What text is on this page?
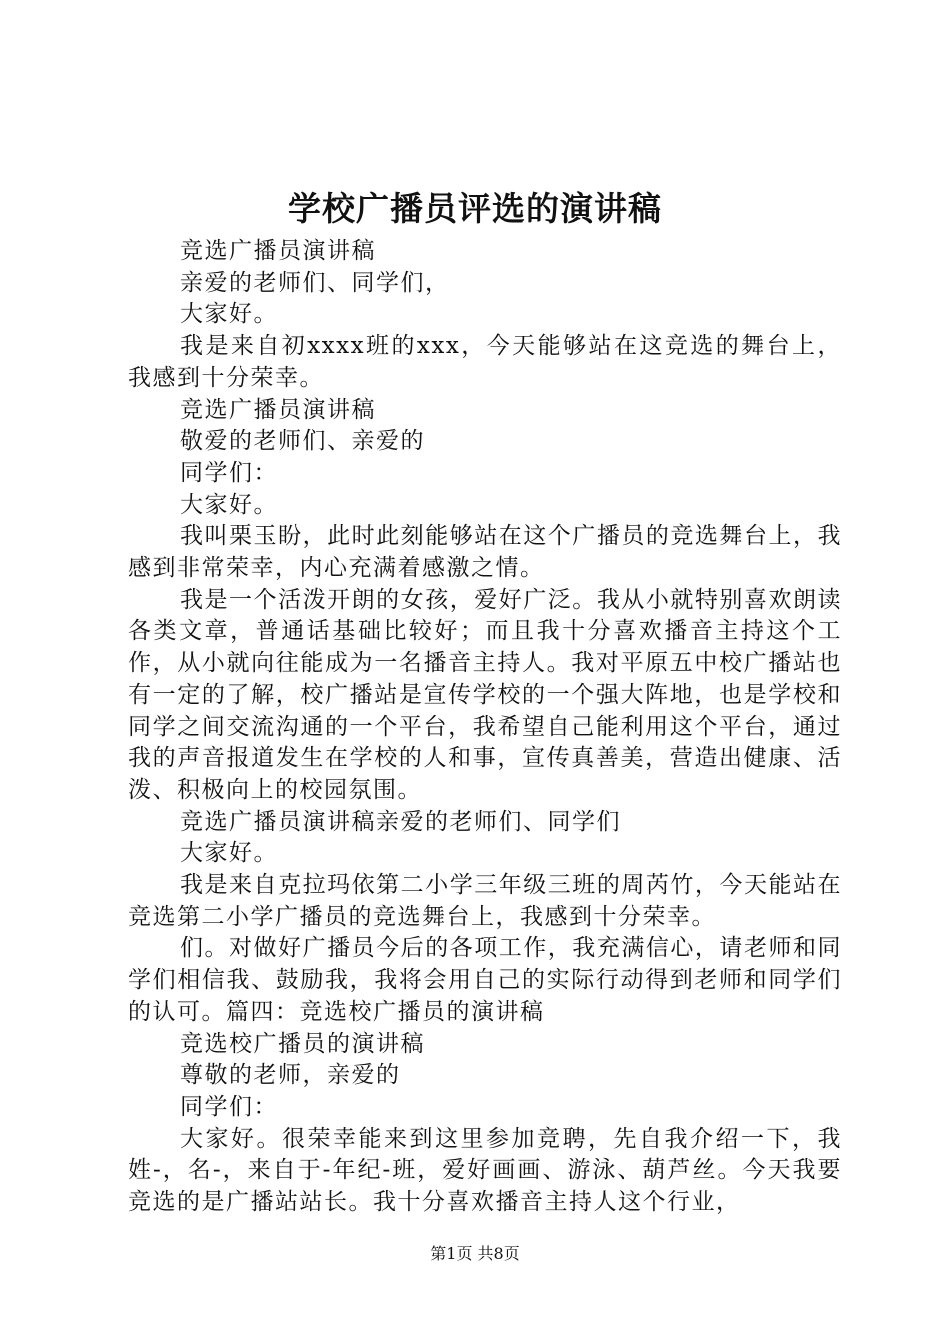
学校广播员评选的演讲稿

竞选广播员演讲稿

亲爱的老师们、同学们，

大家好。

我是来自初xxxx班的xxx，今天能够站在这竞选的舞台上，我感到十分荣幸。

竞选广播员演讲稿

敬爱的老师们、亲爱的

同学们：

大家好。

我叫栗玉盼，此时此刻能够站在这个广播员的竞选舞台上，我感到非常荣幸，内心充满着感激之情。

我是一个活泼开朗的女孩，爱好广泛。我从小就特别喜欢朗读各类文章，普通话基础比较好；而且我十分喜欢播音主持这个工作，从小就向往能成为一名播音主持人。我对平原五中校广播站也有一定的了解，校广播站是宣传学校的一个强大阵地，也是学校和同学之间交流沟通的一个平台，我希望自己能利用这个平台，通过我的声音报道发生在学校的人和事，宣传真善美，营造出健康、活泼、积极向上的校园氛围。

竞选广播员演讲稿亲爱的老师们、同学们

大家好。

我是来自克拉玛依第二小学三年级三班的周芮竹，今天能站在竞选第二小学广播员的竞选舞台上，我感到十分荣幸。

们。对做好广播员今后的各项工作，我充满信心，请老师和同学们相信我、鼓励我，我将会用自己的实际行动得到老师和同学们的认可。篇四：竞选校广播员的演讲稿

竞选校广播员的演讲稿

尊敬的老师，亲爱的

同学们：

大家好。很荣幸能来到这里参加竞聘，先自我介绍一下，我姓-，名-，来自于-年纪-班，爱好画画、游泳、葫芦丝。今天我要竞选的是广播站站长。我十分喜欢播音主持人这个行业，

第1页 共8页
